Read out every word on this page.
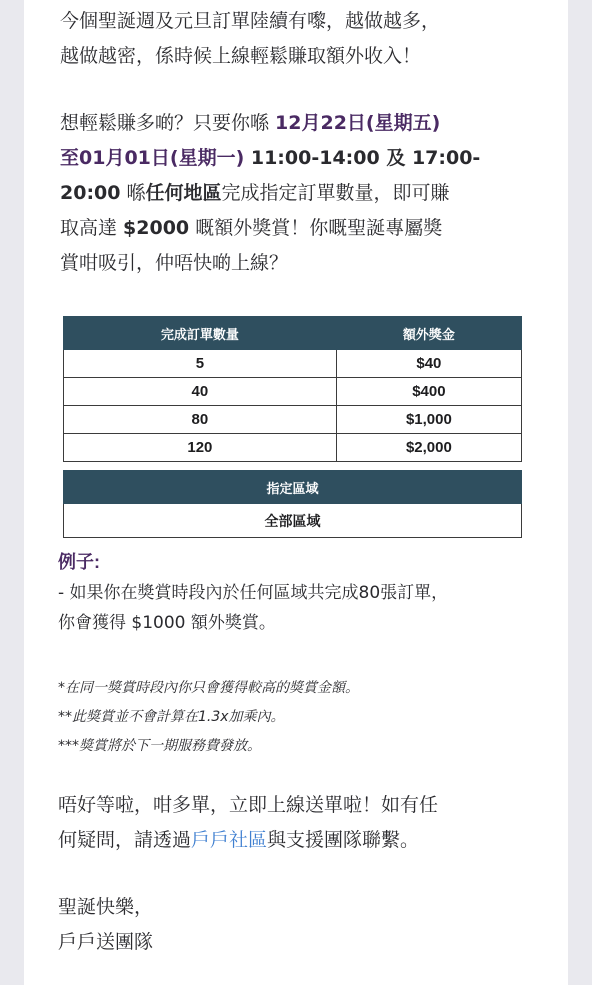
今個聖誕週及元旦訂單陸續有嚟，越做越多，
越做越密，係時候上線輕鬆賺取額外收入！
想輕鬆賺多啲？只要你喺 12月22日(星期五)
至01月01日(星期一) 11:00-14:00 及 17:00-
20:00 喺任何地區完成指定訂單數量，即可賺
取高達 $2000 嘅額外獎賞！你嘅聖誕專屬獎
賞咁吸引，仲唔快啲上線？
完成訂單數量	額外獎金
5	$40
40	$400
80	$1,000
120	$2,000
指定區域
全部區域
例子:
- 如果你在獎賞時段內於任何區域共完成80張訂單，
你會獲得 $1000 額外獎賞。
*在同一獎賞時段內你只會獲得較高的獎賞金額。
**此獎賞並不會計算在1.3x加乘內。
***獎賞將於下一期服務費發放。
唔好等啦，咁多單，立即上線送單啦！如有任
何疑問，請透過戶戶社區與支援團隊聯繫。
聖誕快樂，
戶戶送團隊
